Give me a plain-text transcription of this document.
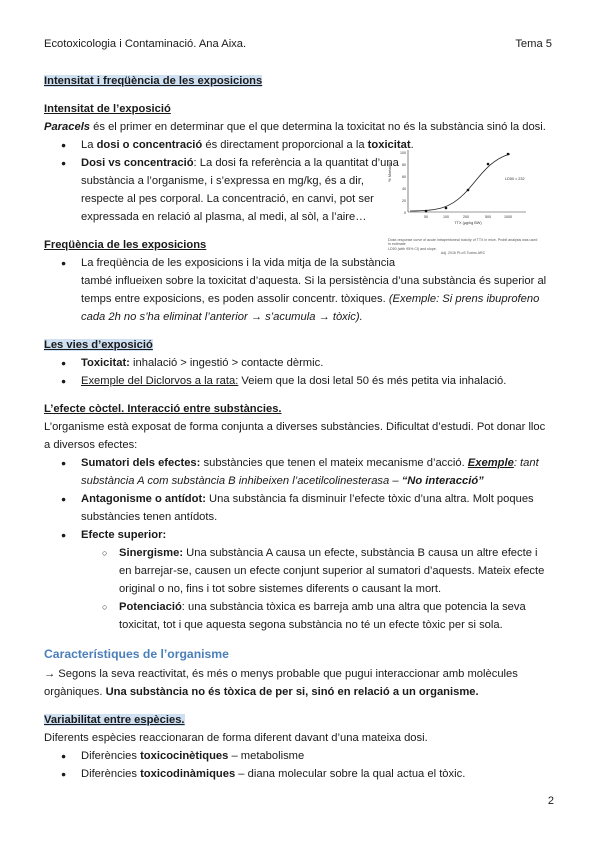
Ecotoxicologia i Contaminació. Ana Aixa.	Tema 5
Intensitat i freqüència de les exposicions
Intensitat de l’exposició
Paracels és el primer en determinar que el que determina la toxicitat no és la substància sinó la dosi.
● La dosi o concentració és directament proporcional a la toxicitat.
● Dosi vs concentració: La dosi fa referència a la quantitat d’una substància a l’organisme, i s’expressa en mg/kg, és a dir, respecte al pes corporal. La concentració, en canvi, pot ser expressada en relació al plasma, al medi, al sòl, a l’aire…
Freqüència de les exposicions
● La freqüència de les exposicions i la vida mitja de la substància
també influeixen sobre la toxicitat d’aquesta. Si la persistència d’una substància és superior al temps entre exposicions, es poden assolir concentr. tòxiques. (Exemple: Si prens ibuprofeno cada 2h no s’ha eliminat l’anterior → s’acumula → tòxic).
Les vies d’exposició
● Toxicitat: inhalació > ingestió > contacte dèrmic.
● Exemple del Diclorvos a la rata: Veiem que la dosi letal 50 és més petita via inhalació.
L’efecte còctel. Interacció entre substàncies.
L’organisme està exposat de forma conjunta a diverses substàncies. Dificultat d’estudi. Pot donar lloc a diversos efectes:
● Sumatori dels efectes: substàncies que tenen el mateix mecanisme d’acció. Exemple: tant substància A com substància B inhibeixen l’acetilcolinesterasa – “No interacció”
● Antagonisme o antídot: Una substància fa disminuir l’efecte tòxic d’una altra. Molt poques substàncies tenen antídots.
● Efecte superior:
○ Sinergisme: Una substància A causa un efecte, substància B causa un altre efecte i en barrejar-se, causen un efecte conjunt superior al sumatori d’aquests. Mateix efecte original o no, fins i tot sobre sistemes diferents o causant la mort.
○ Potenciació: una substància tòxica es barreja amb una altra que potencia la seva toxicitat, tot i que aquesta segona substància no té un efecte tòxic per si sola.
Característiques de l’organisme
→ Segons la seva reactivitat, és més o menys probable que pugui interaccionar amb molècules orgàniques. Una substància no és tòxica de per si, sinó en relació a un organisme.
Variabilitat entre espècies.
Diferents espècies reaccionaran de forma diferent davant d’una mateixa dosi.
● Diferències toxicocinètiques – metabolisme
● Diferències toxicodinàmiques – diana molecular sobre la qual actua el tòxic.
Mortality
100
80
60
40
20
0
50	100	200	500	1000
TTX (µg/kg BW)
LD50 ≈ 232
Dose-response curve of acute intraperitoneal toxicity of TTX in mice. Probit analysis was used to estimate
LD50 (with 95% CI) and slope.
Adj. 2016 PLoS Toxins ARC
2
